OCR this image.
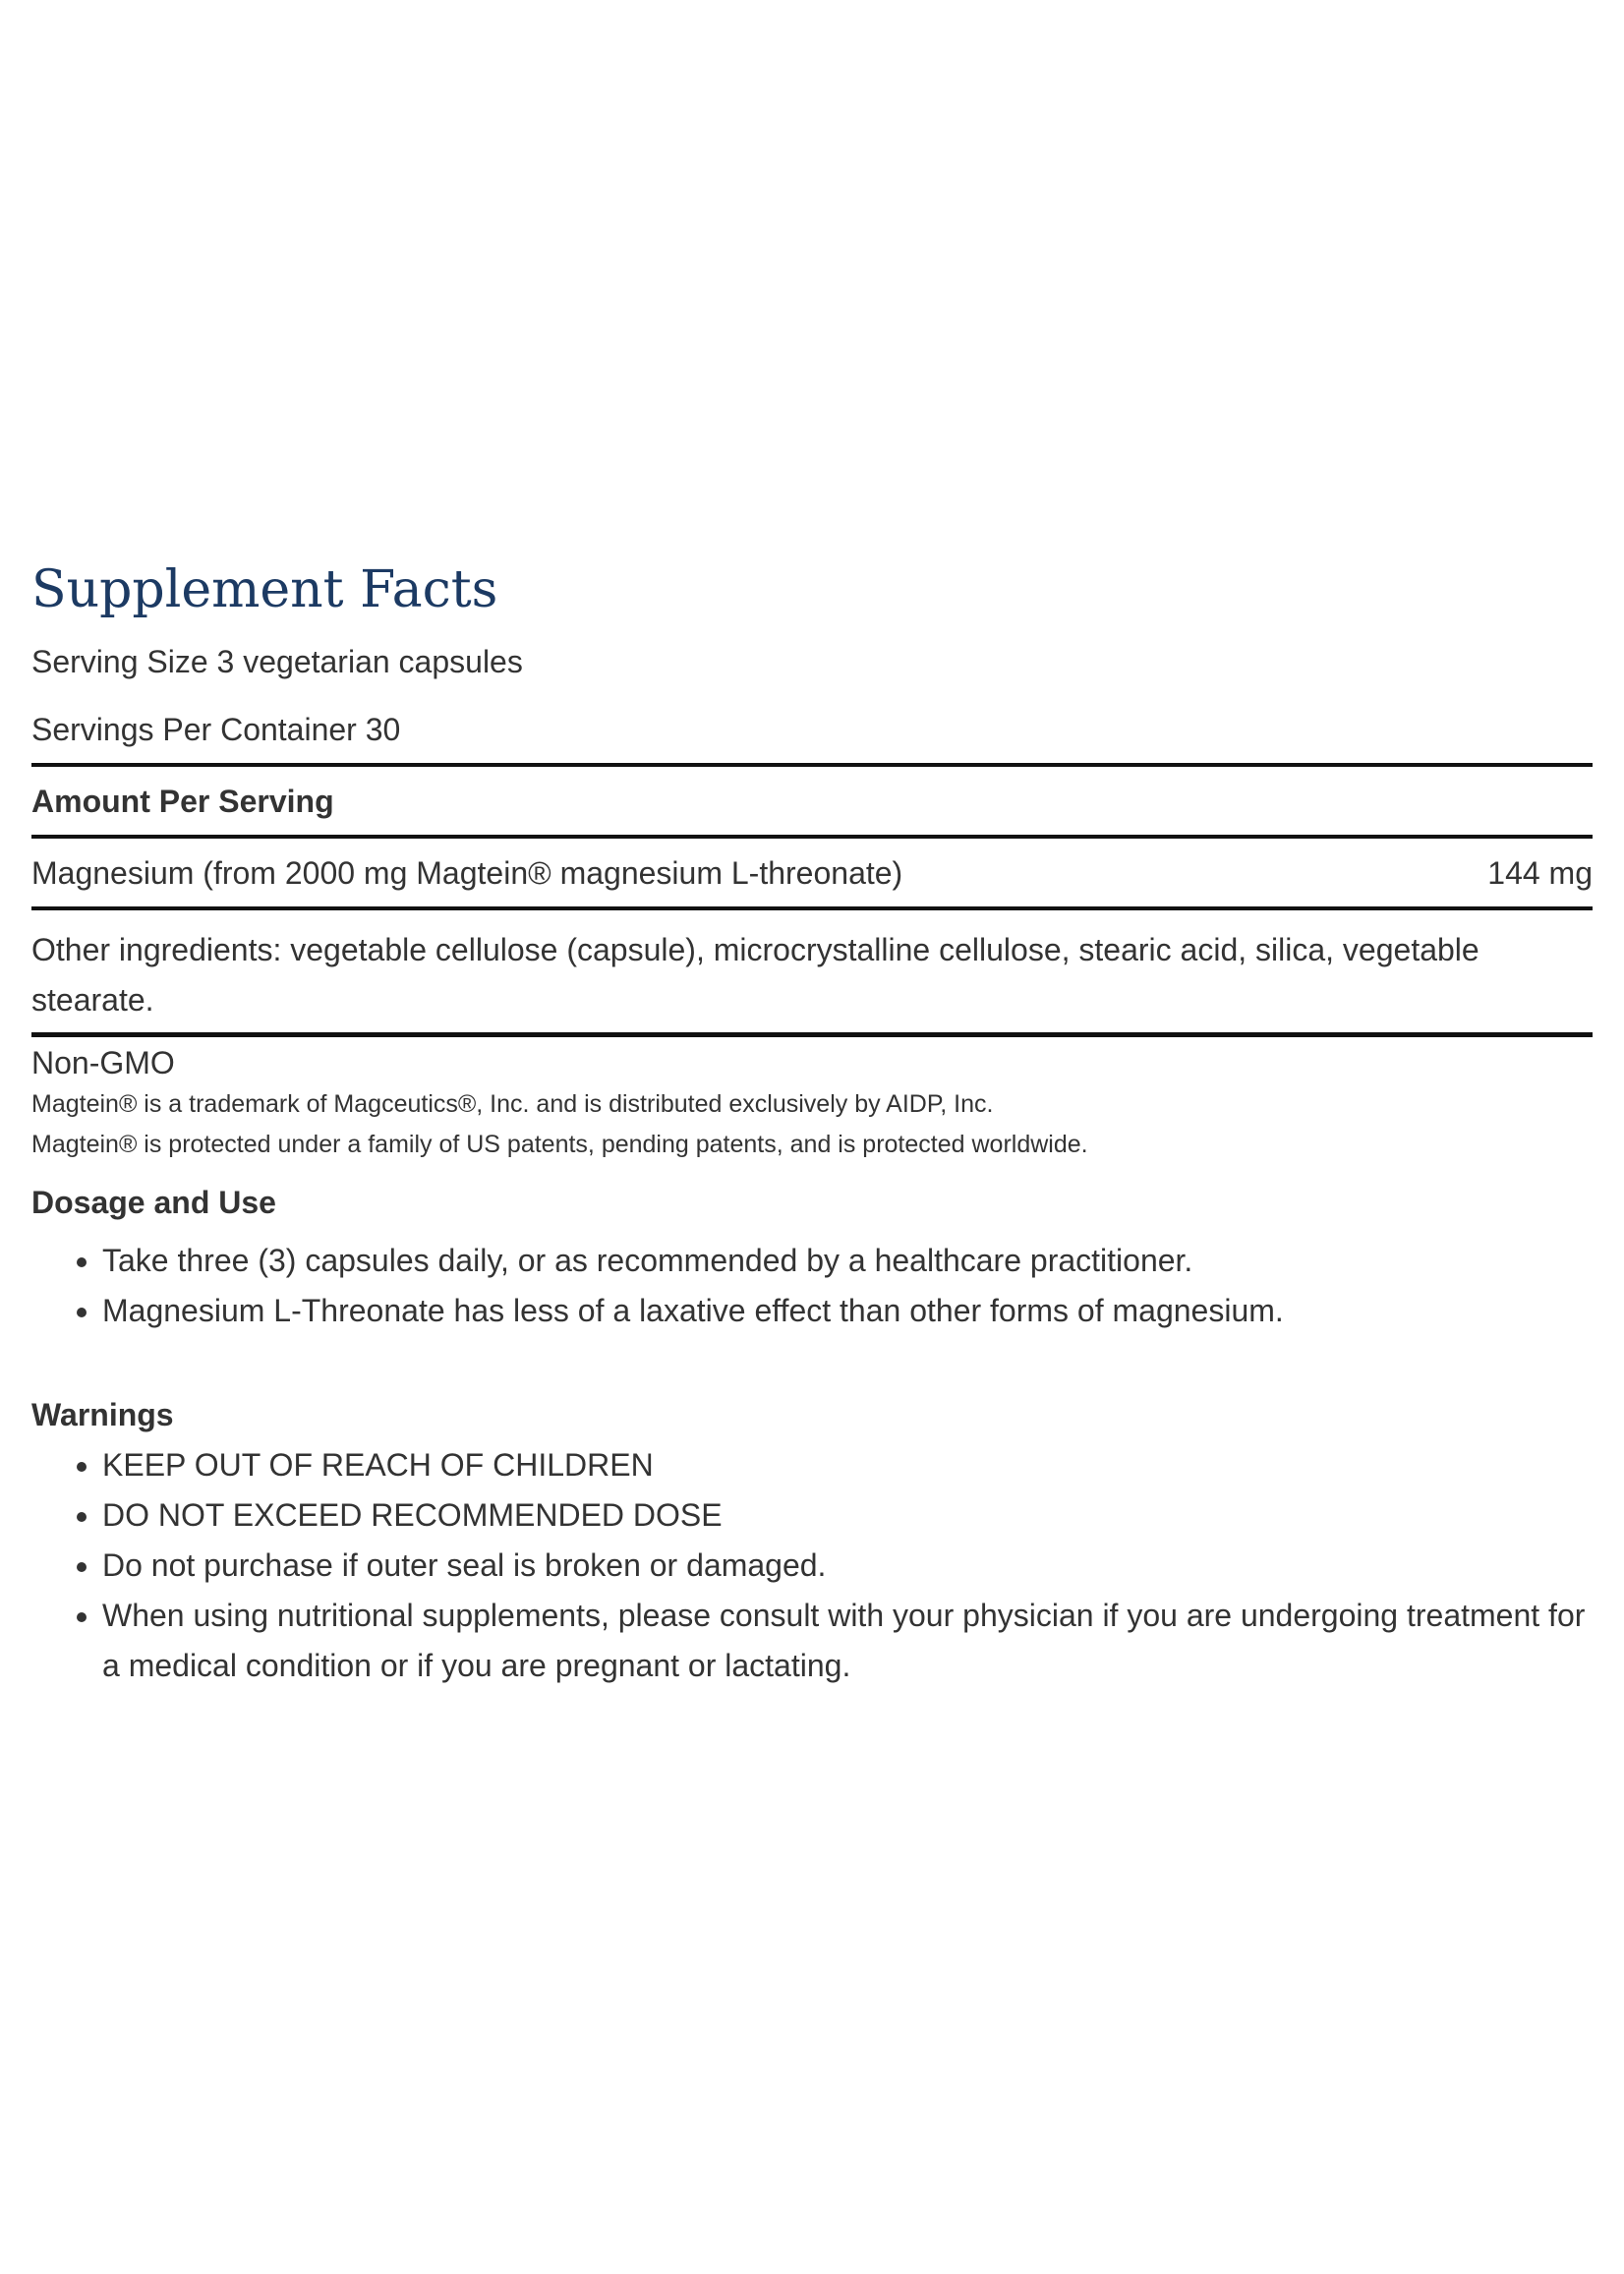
Supplement Facts
Serving Size 3 vegetarian capsules
Servings Per Container 30
Amount Per Serving
Magnesium (from 2000 mg Magtein® magnesium L-threonate)	144 mg
Other ingredients: vegetable cellulose (capsule), microcrystalline cellulose, stearic acid, silica, vegetable stearate.
Non-GMO
Magtein® is a trademark of Magceutics®, Inc. and is distributed exclusively by AIDP, Inc.
Magtein® is protected under a family of US patents, pending patents, and is protected worldwide.
Dosage and Use
• Take three (3) capsules daily, or as recommended by a healthcare practitioner.
• Magnesium L-Threonate has less of a laxative effect than other forms of magnesium.
Warnings
• KEEP OUT OF REACH OF CHILDREN
• DO NOT EXCEED RECOMMENDED DOSE
• Do not purchase if outer seal is broken or damaged.
• When using nutritional supplements, please consult with your physician if you are undergoing treatment for a medical condition or if you are pregnant or lactating.
